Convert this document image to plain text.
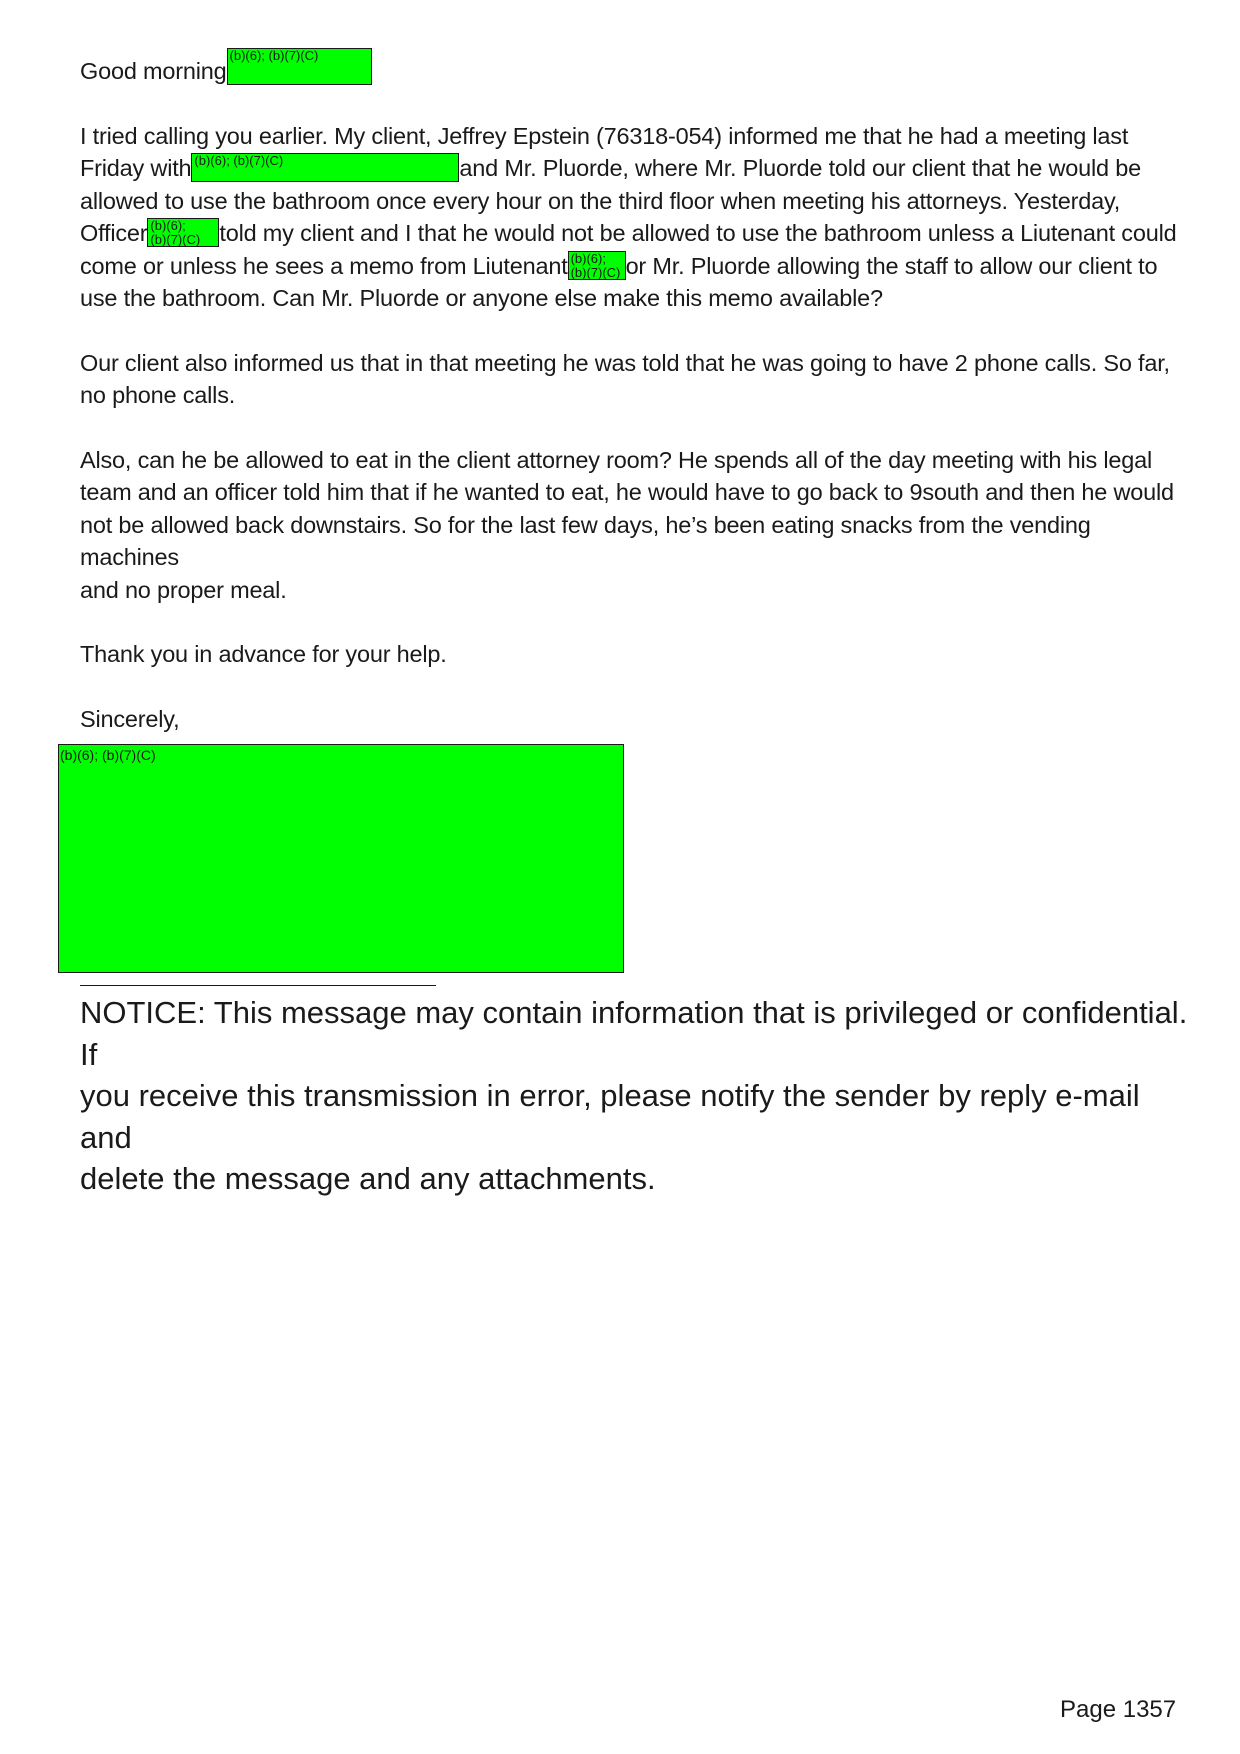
Good morning
(b)(6); (b)(7)(C)

I tried calling you earlier. My client, Jeffrey Epstein (76318-054) informed me that he had a meeting last
Friday with (b)(6); (b)(7)(C)	and Mr. Pluorde, where Mr. Pluorde told our client that he would be
allowed to use the bathroom once every hour on the third floor when meeting his attorneys. Yesterday,
Officer (b)(6);
(b)(7)(C) told my client and I that he would not be allowed to use the bathroom unless a Liutenant could
come or unless he sees a memo from Liutenant (b)(6);
(b)(7)(C) or Mr. Pluorde allowing the staff to allow our client to
use the bathroom. Can Mr. Pluorde or anyone else make this memo available?

Our client also informed us that in that meeting he was told that he was going to have 2 phone calls. So far,
no phone calls.

Also, can he be allowed to eat in the client attorney room? He spends all of the day meeting with his legal
team and an officer told him that if he wanted to eat, he would have to go back to 9south and then he would
not be allowed back downstairs. So for the last few days, he’s been eating snacks from the vending machines
and no proper meal.

Thank you in advance for your help.

Sincerely,

(b)(6); (b)(7)(C)
NOTICE: This message may contain information that is privileged or confidential. If
you receive this transmission in error, please notify the sender by reply e-mail and
delete the message and any attachments.
Page 1357
